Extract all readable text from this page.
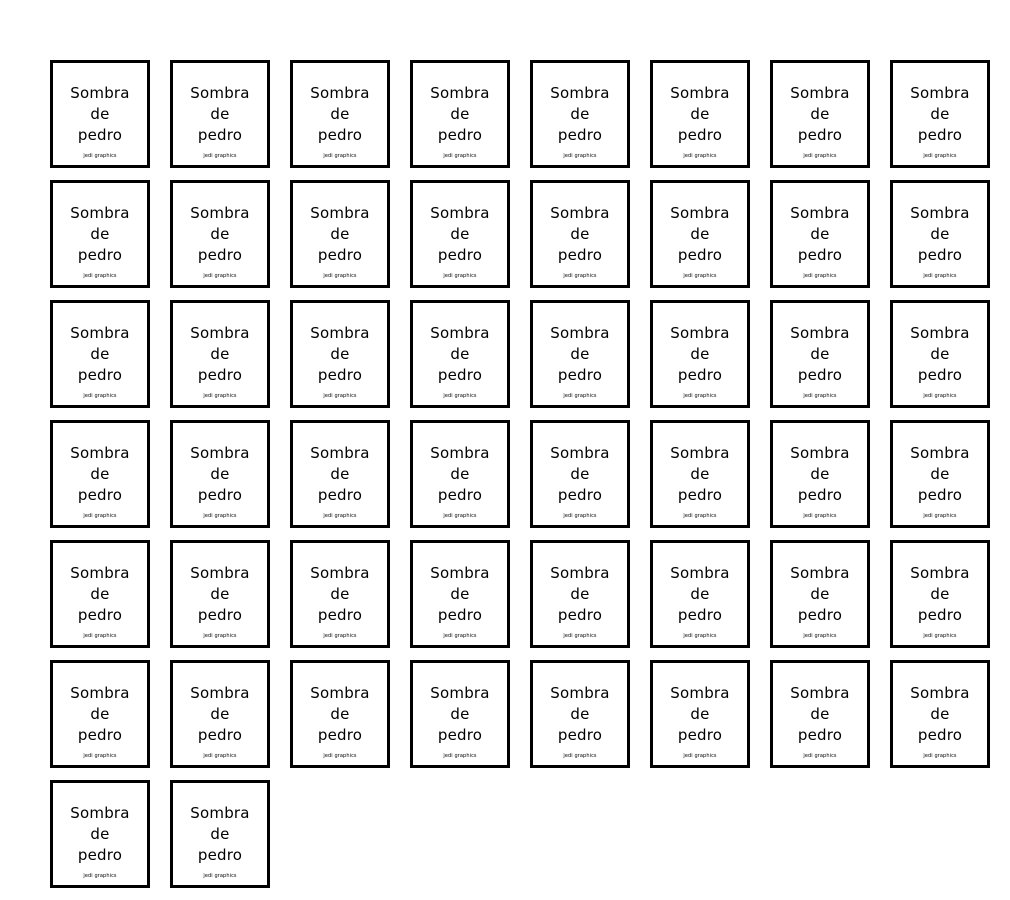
Sombra
de
pedro
jedi graphics
Sombra
de
pedro
jedi graphics
Sombra
de
pedro
jedi graphics
Sombra
de
pedro
jedi graphics
Sombra
de
pedro
jedi graphics
Sombra
de
pedro
jedi graphics
Sombra
de
pedro
jedi graphics
Sombra
de
pedro
jedi graphics
Sombra
de
pedro
jedi graphics
Sombra
de
pedro
jedi graphics
Sombra
de
pedro
jedi graphics
Sombra
de
pedro
jedi graphics
Sombra
de
pedro
jedi graphics
Sombra
de
pedro
jedi graphics
Sombra
de
pedro
jedi graphics
Sombra
de
pedro
jedi graphics
Sombra
de
pedro
jedi graphics
Sombra
de
pedro
jedi graphics
Sombra
de
pedro
jedi graphics
Sombra
de
pedro
jedi graphics
Sombra
de
pedro
jedi graphics
Sombra
de
pedro
jedi graphics
Sombra
de
pedro
jedi graphics
Sombra
de
pedro
jedi graphics
Sombra
de
pedro
jedi graphics
Sombra
de
pedro
jedi graphics
Sombra
de
pedro
jedi graphics
Sombra
de
pedro
jedi graphics
Sombra
de
pedro
jedi graphics
Sombra
de
pedro
jedi graphics
Sombra
de
pedro
jedi graphics
Sombra
de
pedro
jedi graphics
Sombra
de
pedro
jedi graphics
Sombra
de
pedro
jedi graphics
Sombra
de
pedro
jedi graphics
Sombra
de
pedro
jedi graphics
Sombra
de
pedro
jedi graphics
Sombra
de
pedro
jedi graphics
Sombra
de
pedro
jedi graphics
Sombra
de
pedro
jedi graphics
Sombra
de
pedro
jedi graphics
Sombra
de
pedro
jedi graphics
Sombra
de
pedro
jedi graphics
Sombra
de
pedro
jedi graphics
Sombra
de
pedro
jedi graphics
Sombra
de
pedro
jedi graphics
Sombra
de
pedro
jedi graphics
Sombra
de
pedro
jedi graphics
Sombra
de
pedro
jedi graphics
Sombra
de
pedro
jedi graphics
